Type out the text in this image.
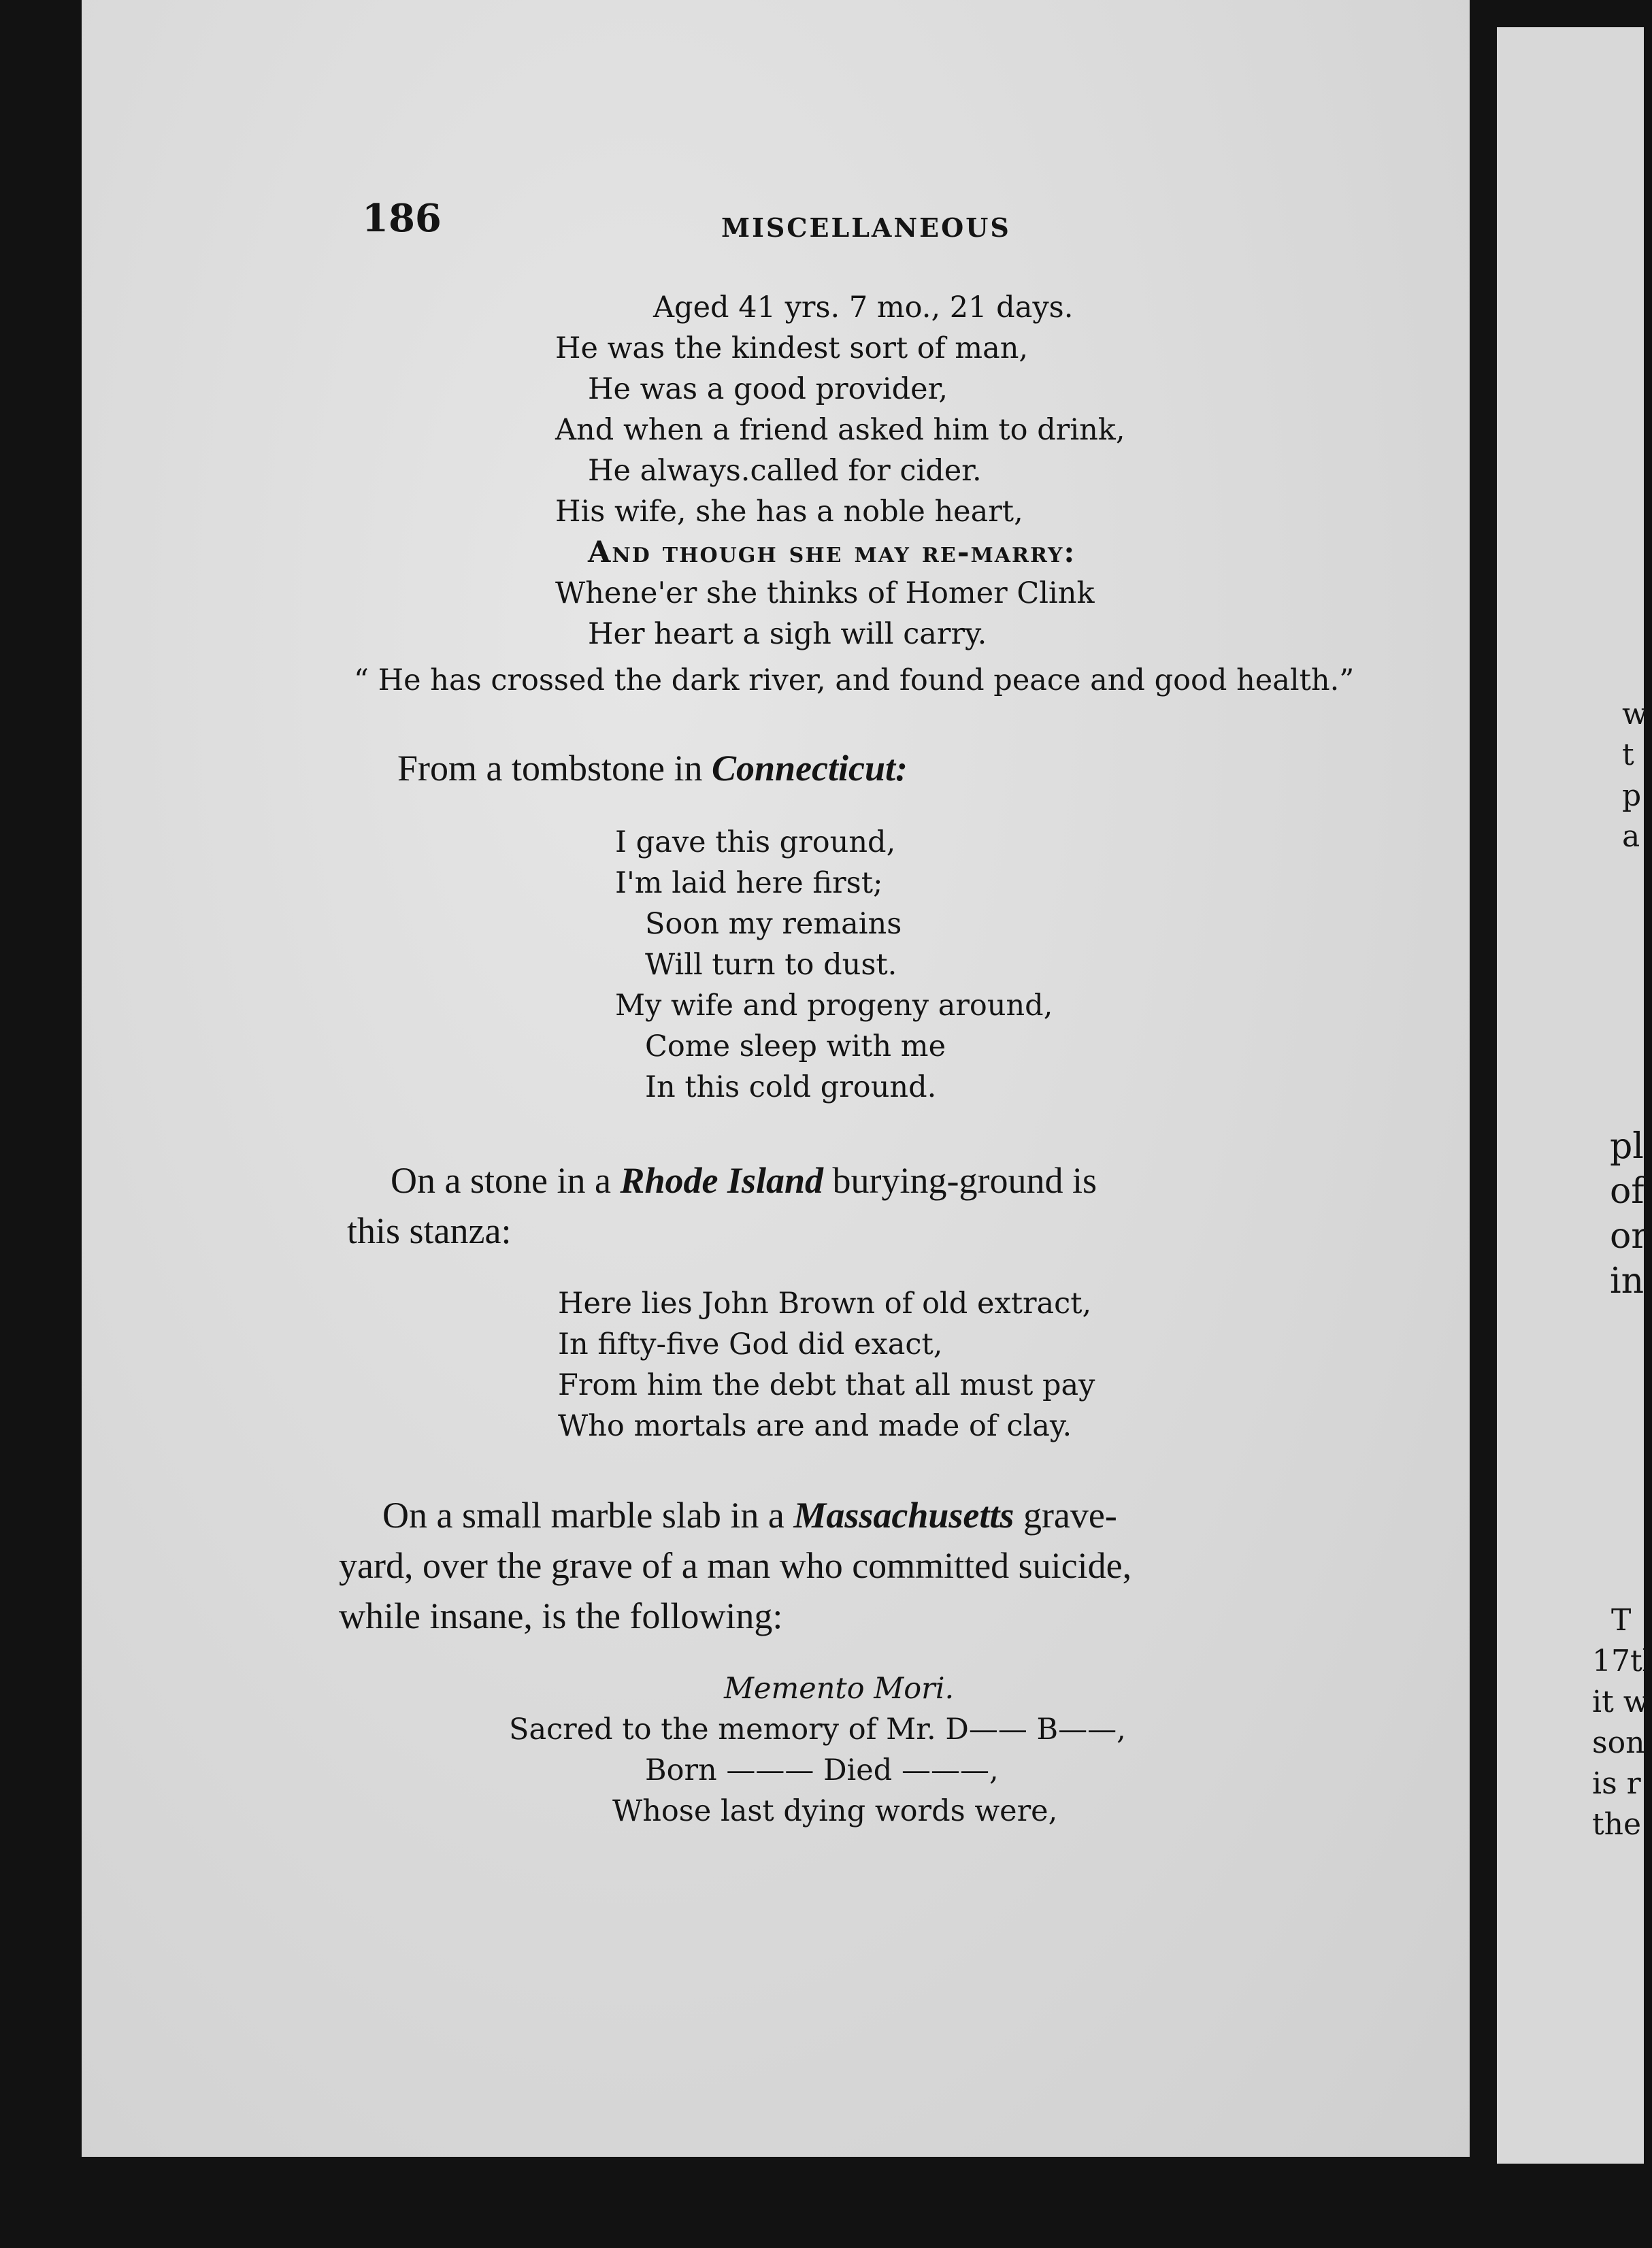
186	MISCELLANEOUS
Aged 41 yrs. 7 mo., 21 days.
He was the kindest sort of man,
He was a good provider,
And when a friend asked him to drink,
He always.called for cider.
His wife, she has a noble heart,
And though she may re-marry:
Whene'er she thinks of Homer Clink
Her heart a sigh will carry.
“ He has crossed the dark river, and found peace and good health.”
From a tombstone in Connecticut:
I gave this ground,
I'm laid here first;
Soon my remains
Will turn to dust.
My wife and progeny around,
Come sleep with me
In this cold ground.
On a stone in a Rhode Island burying-ground is
this stanza:
Here lies John Brown of old extract,
In fifty-five God did exact,
From him the debt that all must pay
Who mortals are and made of clay.
On a small marble slab in a Massachusetts grave-
yard, over the grave of a man who committed suicide,
while insane, is the following:
Memento Mori.
Sacred to the memory of Mr. D—— B——,
Born ——— Died ———,
Whose last dying words were,
w
t
p
a
pl
of
or
in
T
17tl
it w
son
is r
the
